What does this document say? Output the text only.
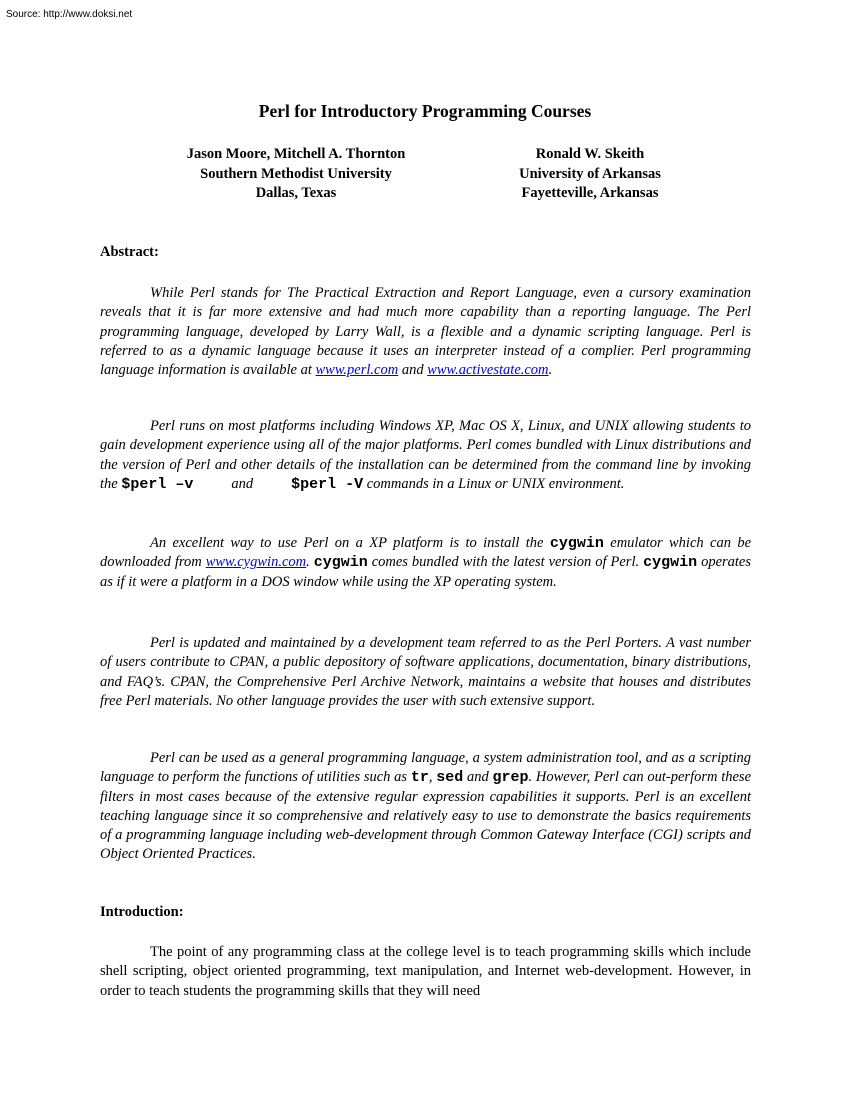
Source: http://www.doksi.net
Perl for Introductory Programming Courses
Jason Moore, Mitchell A. Thornton
Southern Methodist University
Dallas, Texas
Ronald W. Skeith
University of Arkansas
Fayetteville, Arkansas
Abstract:
While Perl stands for The Practical Extraction and Report Language, even a cursory examination reveals that it is far more extensive and had much more capability than a reporting language. The Perl programming language, developed by Larry Wall, is a flexible and a dynamic scripting language. Perl is referred to as a dynamic language because it uses an interpreter instead of a complier. Perl programming language information is available at www.perl.com and www.activestate.com.
Perl runs on most platforms including Windows XP, Mac OS X, Linux, and UNIX allowing students to gain development experience using all of the major platforms. Perl comes bundled with Linux distributions and the version of Perl and other details of the installation can be determined from the command line by invoking the $perl –v	and	$perl -V commands in a Linux or UNIX environment.
An excellent way to use Perl on a XP platform is to install the cygwin emulator which can be downloaded from www.cygwin.com. cygwin comes bundled with the latest version of Perl. cygwin operates as if it were a platform in a DOS window while using the XP operating system.
Perl is updated and maintained by a development team referred to as the Perl Porters. A vast number of users contribute to CPAN, a public depository of software applications, documentation, binary distributions, and FAQ’s. CPAN, the Comprehensive Perl Archive Network, maintains a website that houses and distributes free Perl materials. No other language provides the user with such extensive support.
Perl can be used as a general programming language, a system administration tool, and as a scripting language to perform the functions of utilities such as tr, sed and grep. However, Perl can out-perform these filters in most cases because of the extensive regular expression capabilities it supports. Perl is an excellent teaching language since it so comprehensive and relatively easy to use to demonstrate the basics requirements of a programming language including web-development through Common Gateway Interface (CGI) scripts and Object Oriented Practices.
Introduction:
The point of any programming class at the college level is to teach programming skills which include shell scripting, object oriented programming, text manipulation, and Internet web-development. However, in order to teach students the programming skills that they will need
